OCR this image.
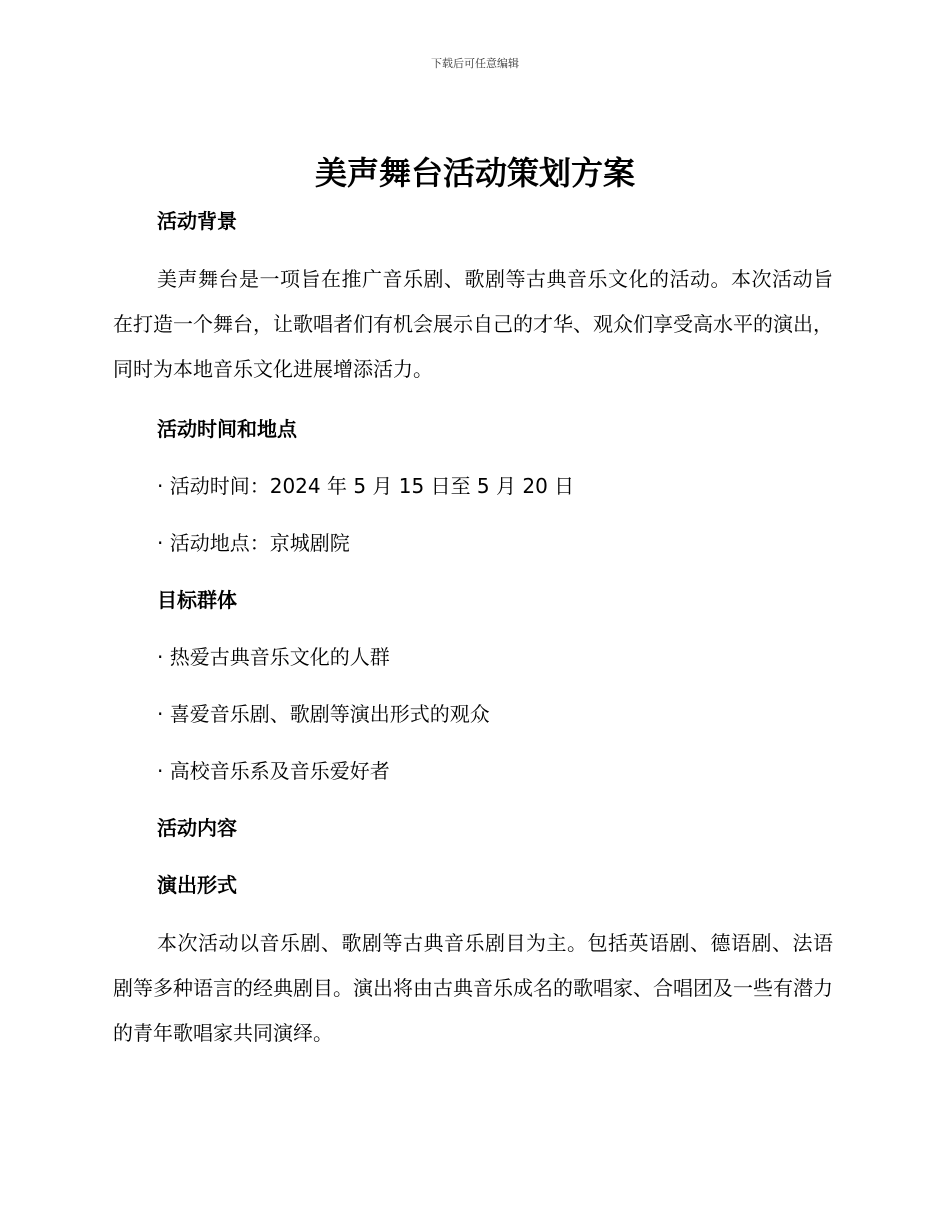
下载后可任意编辑
美声舞台活动策划方案
活动背景

美声舞台是一项旨在推广音乐剧、歌剧等古典音乐文化的活动。本次活动旨在打造一个舞台，让歌唱者们有机会展示自己的才华、观众们享受高水平的演出，同时为本地音乐文化进展增添活力。

活动时间和地点
· 活动时间：2024 年 5 月 15 日至 5 月 20 日
· 活动地点：京城剧院
目标群体
· 热爱古典音乐文化的人群
· 喜爱音乐剧、歌剧等演出形式的观众
· 高校音乐系及音乐爱好者
活动内容
演出形式

本次活动以音乐剧、歌剧等古典音乐剧目为主。包括英语剧、德语剧、法语剧等多种语言的经典剧目。演出将由古典音乐成名的歌唱家、合唱团及一些有潜力的青年歌唱家共同演绎。
